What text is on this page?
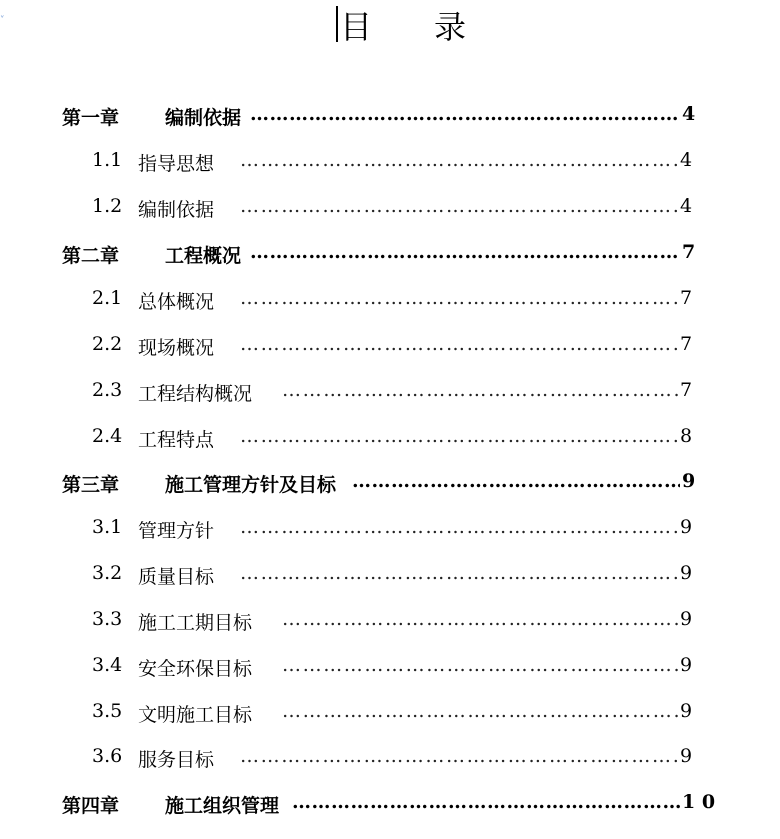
˅	目 录
第一章 编制依据 …………………………………………………………………………………………………………………………………………………………………………	4
1.1 指导思想 …………………………………………………………………………………………………………………………………………………………………………	4
1.2 编制依据 …………………………………………………………………………………………………………………………………………………………………………	4
第二章 工程概况 …………………………………………………………………………………………………………………………………………………………………………	7
2.1 总体概况 …………………………………………………………………………………………………………………………………………………………………………	7
2.2 现场概况 …………………………………………………………………………………………………………………………………………………………………………	7
2.3 工程结构概况 …………………………………………………………………………………………………………………………………………………………………………	7
2.4 工程特点 …………………………………………………………………………………………………………………………………………………………………………	8
第三章 施工管理方针及目标 …………………………………………………………………………………………………………………………………………………………………………	9
3.1 管理方针 …………………………………………………………………………………………………………………………………………………………………………	9
3.2 质量目标 …………………………………………………………………………………………………………………………………………………………………………	9
3.3 施工工期目标 …………………………………………………………………………………………………………………………………………………………………………	9
3.4 安全环保目标 …………………………………………………………………………………………………………………………………………………………………………	9
3.5 文明施工目标 …………………………………………………………………………………………………………………………………………………………………………	9
3.6 服务目标 …………………………………………………………………………………………………………………………………………………………………………	9
第四章 施工组织管理 …………………………………………………………………………………………………………………………………………………………………………	1 0
